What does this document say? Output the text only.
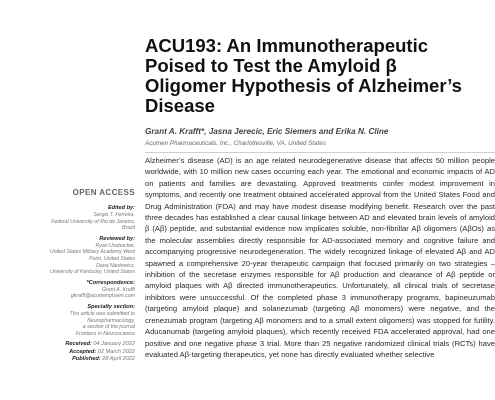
ACU193: An Immunotherapeutic Poised to Test the Amyloid β Oligomer Hypothesis of Alzheimer’s Disease
Grant A. Krafft*, Jasna Jerecic, Eric Siemers and Erika N. Cline
Acumen Pharmaceuticals, Inc., Charlottesville, VA, United States

Alzheimer’s disease (AD) is an age related neurodegenerative disease that affects 50 million people worldwide, with 10 million new cases occurring each year. The emotional and economic impacts of AD on patients and families are devastating. Approved treatments confer modest improvement in symptoms, and recently one treatment obtained accelerated approval from the United States Food and Drug Administration (FDA) and may have modest disease modifying benefit. Research over the past three decades has established a clear causal linkage between AD and elevated brain levels of amyloid β (Aβ) peptide, and substantial evidence now implicates soluble, non-fibrillar Aβ oligomers (AβOs) as the molecular assemblies directly responsible for AD-associated memory and cognitive failure and accompanying progressive neurodegeneration. The widely recognized linkage of elevated Aβ and AD spawned a comprehensive 20-year therapeutic campaign that focused primarily on two strategies – inhibition of the secretase enzymes responsible for Aβ production and clearance of Aβ peptide or amyloid plaques with Aβ directed immunotherapeutics. Unfortunately, all clinical trials of secretase inhibitors were unsuccessful. Of the completed phase 3 immunotherapy programs, bapineuzumab (targeting amyloid plaque) and solanezumab (targeting Aβ monomers) were negative, and the crenezumab program (targeting Aβ monomers and to a small extent oligomers) was stopped for futility. Aducanumab (targeting amyloid plaques), which recently received FDA accelerated approval, had one positive and one negative phase 3 trial. More than 25 negative randomized clinical trials (RCTs) have evaluated Aβ-targeting therapeutics, yet none has directly evaluated whether selective

OPEN ACCESS
Edited by:
Sergio T. Ferreira,
Federal University of Rio de Janeiro,
Brazil
Reviewed by:
Ryan Unsbocker,
United States Military Academy West
Point, United States
Dana Niedowicz,
University of Kentucky, United States
*Correspondence:
Grant A. Krafft
gkrafft@acumenpharm.com
Specialty section:
This article was submitted to
Neuropharmacology,
a section of the journal
Frontiers in Neuroscience
Received: 04 January 2022
Accepted: 02 March 2022
Published: 28 April 2022
